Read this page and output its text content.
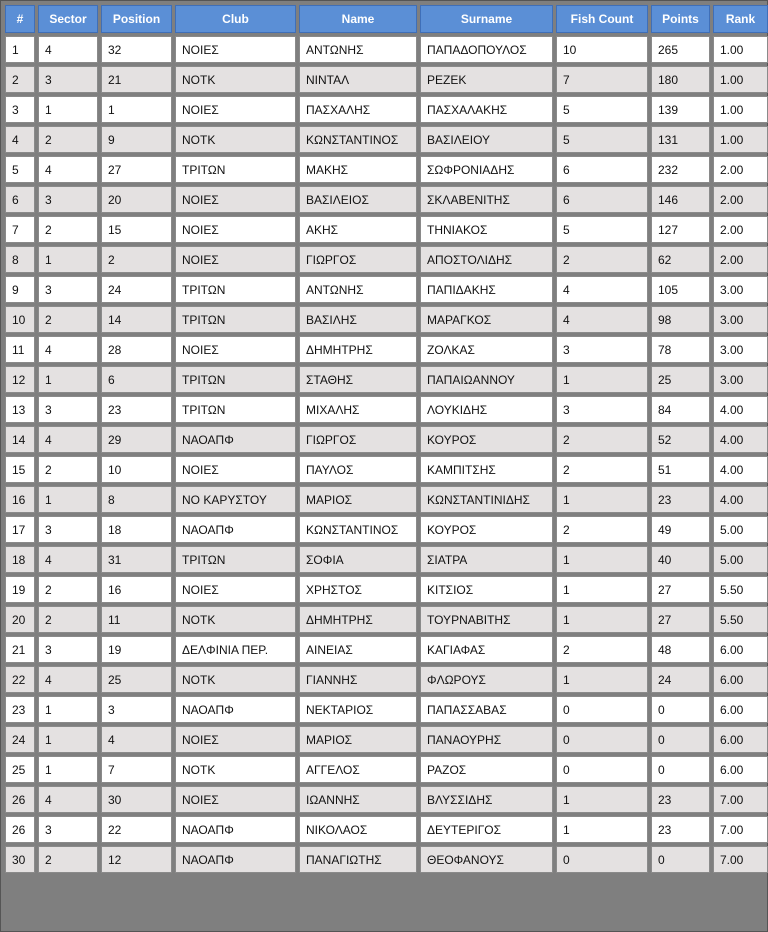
#	Sector	Position	Club	Name	Surname	Fish Count	Points	Rank
1	4	32	ΝΟΙΕΣ	ΑΝΤΩΝΗΣ	ΠΑΠΑΔΟΠΟΥΛΟΣ	10	265	1.00
2	3	21	ΝΟΤΚ	ΝΙΝΤΑΛ	ΡΕΖΕΚ	7	180	1.00
3	1	1	ΝΟΙΕΣ	ΠΑΣΧΑΛΗΣ	ΠΑΣΧΑΛΑΚΗΣ	5	139	1.00
4	2	9	ΝΟΤΚ	ΚΩΝΣΤΑΝΤΙΝΟΣ	ΒΑΣΙΛΕΙΟΥ	5	131	1.00
5	4	27	ΤΡΙΤΩΝ	ΜΑΚΗΣ	ΣΩΦΡΟΝΙΑΔΗΣ	6	232	2.00
6	3	20	ΝΟΙΕΣ	ΒΑΣΙΛΕΙΟΣ	ΣΚΛΑΒΕΝΙΤΗΣ	6	146	2.00
7	2	15	ΝΟΙΕΣ	ΑΚΗΣ	ΤΗΝΙΑΚΟΣ	5	127	2.00
8	1	2	ΝΟΙΕΣ	ΓΙΩΡΓΟΣ	ΑΠΟΣΤΟΛΙΔΗΣ	2	62	2.00
9	3	24	ΤΡΙΤΩΝ	ΑΝΤΩΝΗΣ	ΠΑΠΙΔΑΚΗΣ	4	105	3.00
10	2	14	ΤΡΙΤΩΝ	ΒΑΣΙΛΗΣ	ΜΑΡΑΓΚΟΣ	4	98	3.00
11	4	28	ΝΟΙΕΣ	ΔΗΜΗΤΡΗΣ	ΖΟΛΚΑΣ	3	78	3.00
12	1	6	ΤΡΙΤΩΝ	ΣΤΑΘΗΣ	ΠΑΠΑΙΩΑΝΝΟΥ	1	25	3.00
13	3	23	ΤΡΙΤΩΝ	ΜΙΧΑΛΗΣ	ΛΟΥΚΙΔΗΣ	3	84	4.00
14	4	29	ΝΑΟΑΠΦ	ΓΙΩΡΓΟΣ	ΚΟΥΡΟΣ	2	52	4.00
15	2	10	ΝΟΙΕΣ	ΠΑΥΛΟΣ	ΚΑΜΠΙΤΣΗΣ	2	51	4.00
16	1	8	ΝΟ ΚΑΡΥΣΤΟΥ	ΜΑΡΙΟΣ	ΚΩΝΣΤΑΝΤΙΝΙΔΗΣ	1	23	4.00
17	3	18	ΝΑΟΑΠΦ	ΚΩΝΣΤΑΝΤΙΝΟΣ	ΚΟΥΡΟΣ	2	49	5.00
18	4	31	ΤΡΙΤΩΝ	ΣΟΦΙΑ	ΣΙΑΤΡΑ	1	40	5.00
19	2	16	ΝΟΙΕΣ	ΧΡΗΣΤΟΣ	ΚΙΤΣΙΟΣ	1	27	5.50
20	2	11	ΝΟΤΚ	ΔΗΜΗΤΡΗΣ	ΤΟΥΡΝΑΒΙΤΗΣ	1	27	5.50
21	3	19	ΔΕΛΦΙΝΙΑ ΠΕΡ.	ΑΙΝΕΙΑΣ	ΚΑΓΙΑΦΑΣ	2	48	6.00
22	4	25	ΝΟΤΚ	ΓΙΑΝΝΗΣ	ΦΛΩΡΟΥΣ	1	24	6.00
23	1	3	ΝΑΟΑΠΦ	ΝΕΚΤΑΡΙΟΣ	ΠΑΠΑΣΣΑΒΑΣ	0	0	6.00
24	1	4	ΝΟΙΕΣ	ΜΑΡΙΟΣ	ΠΑΝΑΟΥΡΗΣ	0	0	6.00
25	1	7	ΝΟΤΚ	ΑΓΓΕΛΟΣ	ΡΑΖΟΣ	0	0	6.00
26	4	30	ΝΟΙΕΣ	ΙΩΑΝΝΗΣ	ΒΛΥΣΣΙΔΗΣ	1	23	7.00
26	3	22	ΝΑΟΑΠΦ	ΝΙΚΟΛΑΟΣ	ΔΕΥΤΕΡΙΓΟΣ	1	23	7.00
30	2	12	ΝΑΟΑΠΦ	ΠΑΝΑΓΙΩΤΗΣ	ΘΕΟΦΑΝΟΥΣ	0	0	7.00
